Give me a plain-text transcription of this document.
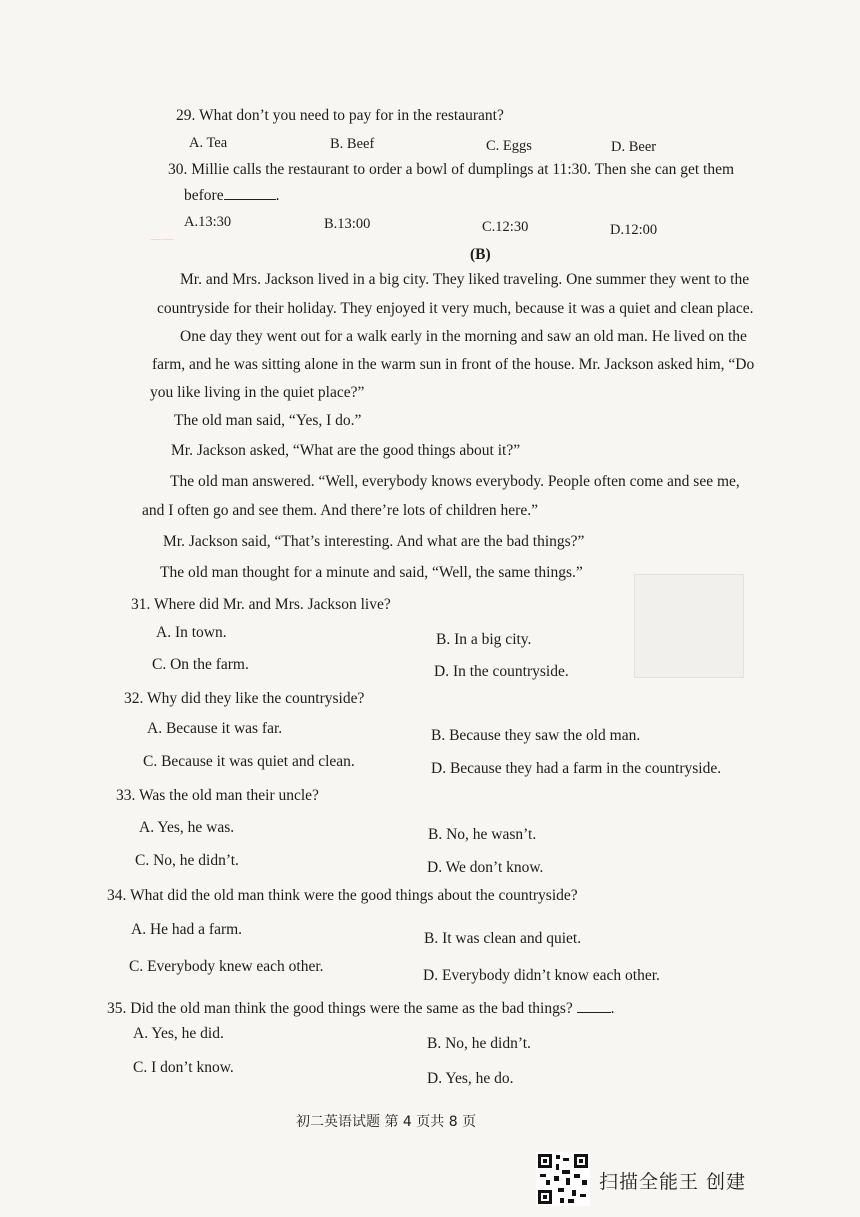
——
29. What don’t you need to pay for in the restaurant?
A. Tea	B. Beef	C. Eggs	D. Beer
30. Millie calls the restaurant to order a bowl of dumplings at 11:30. Then she can get them
before	.
A.13:30	B.13:00	C.12:30	D.12:00
(B)
Mr. and Mrs. Jackson lived in a big city. They liked traveling. One summer they went to the
countryside for their holiday. They enjoyed it very much, because it was a quiet and clean place.
One day they went out for a walk early in the morning and saw an old man. He lived on the
farm, and he was sitting alone in the warm sun in front of the house. Mr. Jackson asked him, “Do
you like living in the quiet place?”
The old man said, “Yes, I do.”
Mr. Jackson asked, “What are the good things about it?”
The old man answered. “Well, everybody knows everybody. People often come and see me,
and I often go and see them. And there’re lots of children here.”
Mr. Jackson said, “That’s interesting. And what are the bad things?”
The old man thought for a minute and said, “Well, the same things.”
31. Where did Mr. and Mrs. Jackson live?
A. In town.	B. In a big city.
C. On the farm.	D. In the countryside.
32. Why did they like the countryside?
A. Because it was far.	B. Because they saw the old man.
C. Because it was quiet and clean.	D. Because they had a farm in the countryside.
33. Was the old man their uncle?
A. Yes, he was.	B. No, he wasn’t.
C. No, he didn’t.	D. We don’t know.
34. What did the old man think were the good things about the countryside?
A. He had a farm.
B. It was clean and quiet.
C. Everybody knew each other.
D. Everybody didn’t know each other.
35. Did the old man think the good things were the same as the bad things? .
A. Yes, he did.
B. No, he didn’t.
C. I don’t know.
D. Yes, he do.
初二英语试题 第 4 页共 8 页
扫描全能王 创建
